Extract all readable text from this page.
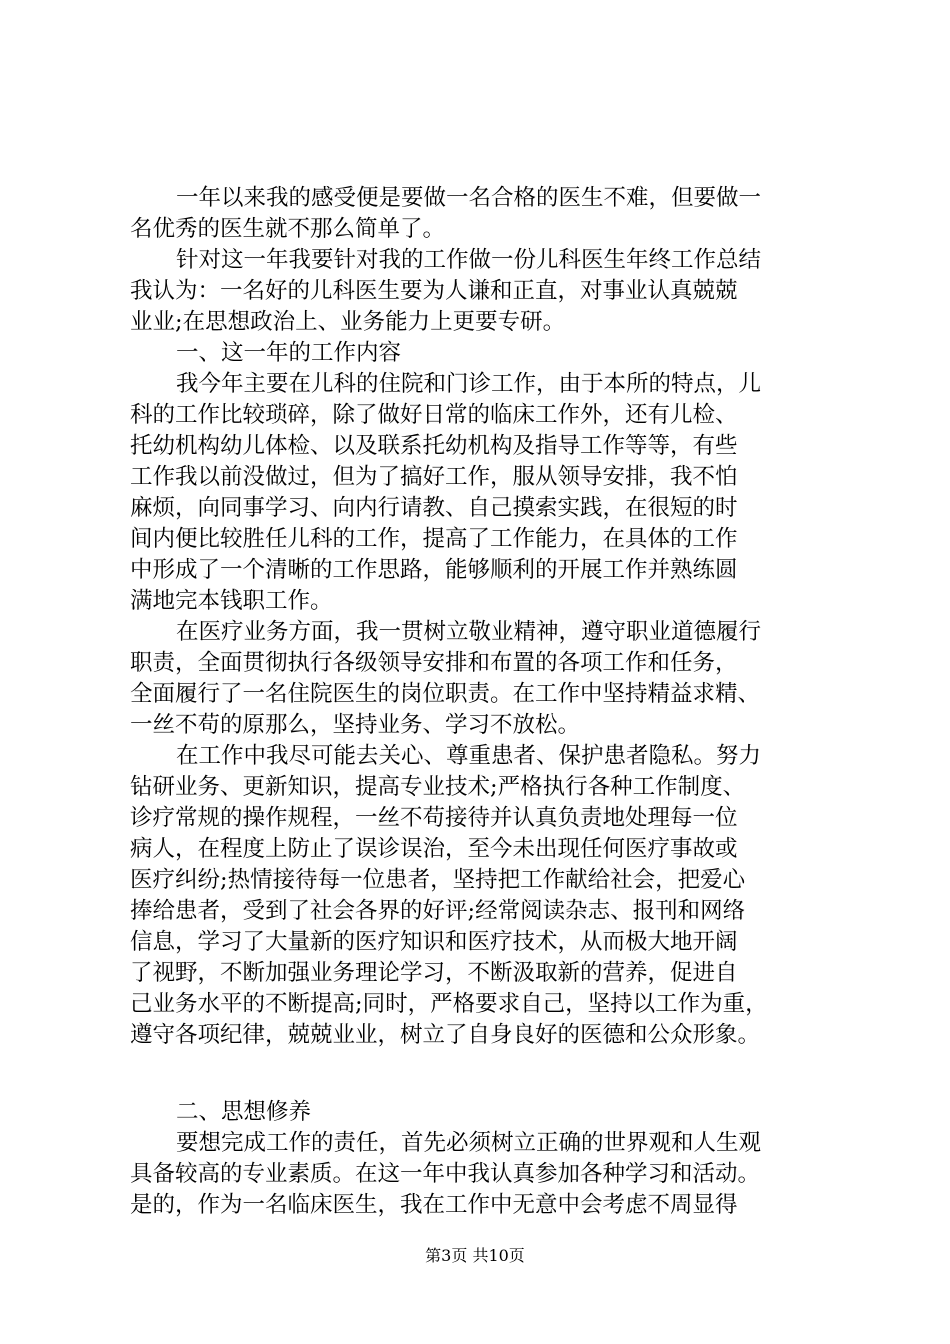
一年以来我的感受便是要做一名合格的医生不难，但要做一
名优秀的医生就不那么简单了。
针对这一年我要针对我的工作做一份儿科医生年终工作总结
我认为：一名好的儿科医生要为人谦和正直，对事业认真兢兢
业业;在思想政治上、业务能力上更要专研。
一、这一年的工作内容
我今年主要在儿科的住院和门诊工作，由于本所的特点，儿
科的工作比较琐碎，除了做好日常的临床工作外，还有儿检、
托幼机构幼儿体检、以及联系托幼机构及指导工作等等，有些
工作我以前没做过，但为了搞好工作，服从领导安排，我不怕
麻烦，向同事学习、向内行请教、自己摸索实践，在很短的时
间内便比较胜任儿科的工作，提高了工作能力，在具体的工作
中形成了一个清晰的工作思路，能够顺利的开展工作并熟练圆
满地完本钱职工作。
在医疗业务方面，我一贯树立敬业精神，遵守职业道德履行
职责，全面贯彻执行各级领导安排和布置的各项工作和任务，
全面履行了一名住院医生的岗位职责。在工作中坚持精益求精、
一丝不苟的原那么，坚持业务、学习不放松。
在工作中我尽可能去关心、尊重患者、保护患者隐私。努力
钻研业务、更新知识，提高专业技术;严格执行各种工作制度、
诊疗常规的操作规程，一丝不苟接待并认真负责地处理每一位
病人，在程度上防止了误诊误治，至今未出现任何医疗事故或
医疗纠纷;热情接待每一位患者，坚持把工作献给社会，把爱心
捧给患者，受到了社会各界的好评;经常阅读杂志、报刊和网络
信息，学习了大量新的医疗知识和医疗技术，从而极大地开阔
了视野，不断加强业务理论学习，不断汲取新的营养，促进自
己业务水平的不断提高;同时，严格要求自己，坚持以工作为重，
遵守各项纪律，兢兢业业，树立了自身良好的医德和公众形象。
二、思想修养
要想完成工作的责任，首先必须树立正确的世界观和人生观
具备较高的专业素质。在这一年中我认真参加各种学习和活动。
是的，作为一名临床医生，我在工作中无意中会考虑不周显得
第3页 共10页
